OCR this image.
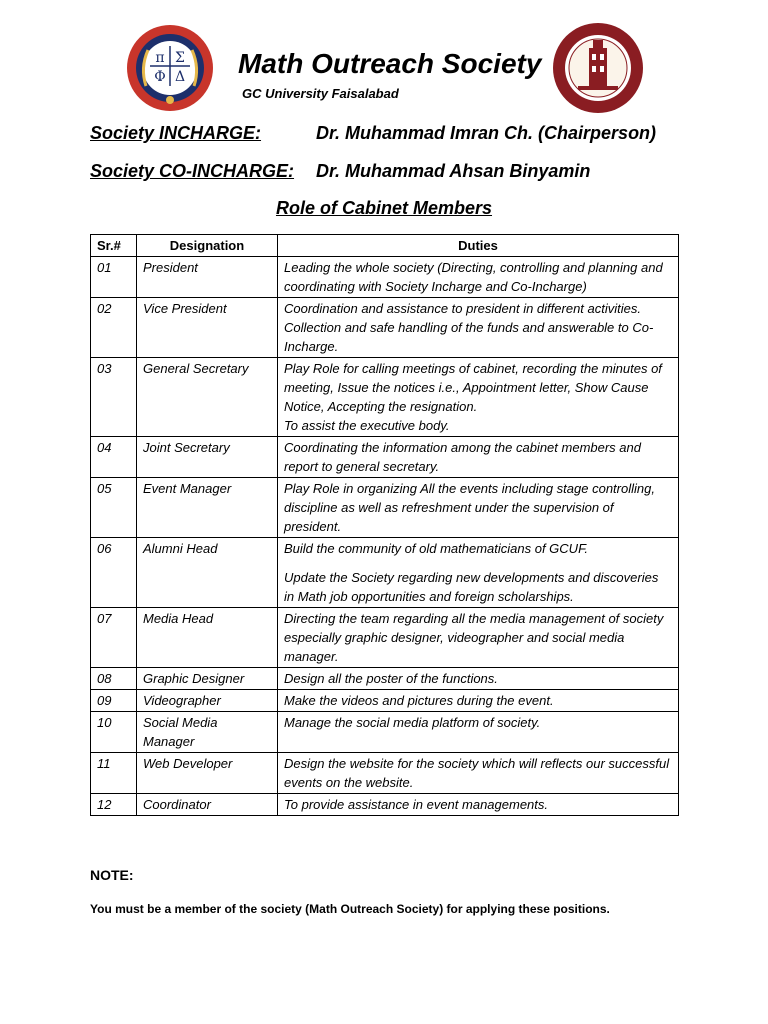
π Σ
Φ Δ Math Outreach Society
GC University Faisalabad
Society INCHARGE:	Dr. Muhammad Imran Ch. (Chairperson)
Society CO-INCHARGE: Dr. Muhammad Ahsan Binyamin
Role of Cabinet Members
Sr.#	Designation	Duties
01	President	Leading the whole society (Directing, controlling and planning and coordinating with Society Incharge and Co-Incharge)

02	Vice President	Coordination and assistance to president in different activities. Collection and safe handling of the funds and answerable to Co-Incharge.

03	General Secretary	Play Role for calling meetings of cabinet, recording the minutes of meeting, Issue the notices i.e., Appointment letter, Show Cause Notice, Accepting the resignation.
To assist the executive body.

04	Joint Secretary	Coordinating the information among the cabinet members and report to general secretary.

05	Event Manager	Play Role in organizing All the events including stage controlling, discipline as well as refreshment under the supervision of president.

06	Alumni Head	Build the community of old mathematicians of GCUF.
Update the Society regarding new developments and discoveries in Math job opportunities and foreign scholarships.

07	Media Head	Directing the team regarding all the media management of society especially graphic designer, videographer and social media manager.

08	Graphic Designer	Design all the poster of the functions.

09	Videographer	Make the videos and pictures during the event.

10	Social Media Manager	Manage the social media platform of society.

11	Web Developer	Design the website for the society which will reflects our successful events on the website.

12	Coordinator	To provide assistance in event managements.
NOTE:
You must be a member of the society (Math Outreach Society) for applying these positions.
